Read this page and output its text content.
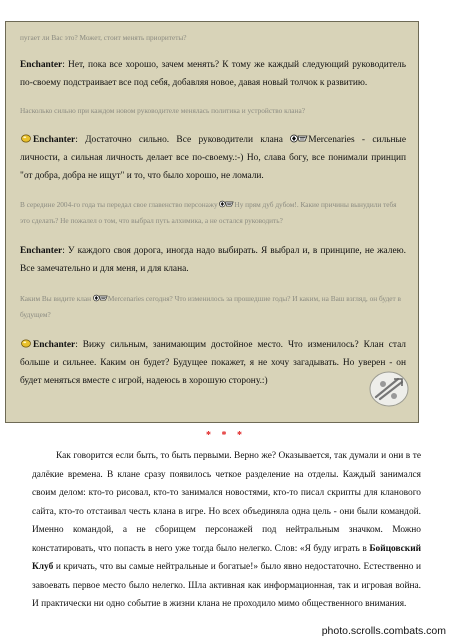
пугает ли Вас это? Может, стоит менять приоритеты?

Enchanter: Нет, пока все хорошо, зачем менять? К тому же каждый следующий руководитель по-своему подстраивает все под себя, добавляя новое, давая новый толчок к развитию.

Насколько сильно при каждом новом руководителе менялась политика и устройство клана?

Enchanter: Достаточно сильно. Все руководители клана Mercenaries - сильные личности, а сильная личность делает все по-своему.:-) Но, слава богу, все понимали принцип "от добра, добра не ищут" и то, что было хорошо, не ломали.

В середине 2004-го года ты передал свое главенство персонажу Ну прям дуб дубом!. Какие причины вынудили тебя это сделать? Не пожалел о том, что выбрал путь алхимика, а не остался руководить?

Enchanter: У каждого своя дорога, иногда надо выбирать. Я выбрал и, в принципе, не жалею. Все замечательно и для меня, и для клана.

Каким Вы видите клан Mercenaries сегодня? Что изменилось за прошедшие годы? И каким, на Ваш взгляд, он будет в будущем?

Enchanter: Вижу сильным, занимающим достойное место. Что изменилось? Клан стал больше и сильнее. Каким он будет? Будущее покажет, я не хочу загадывать. Но уверен - он будет меняться вместе с игрой, надеюсь в хорошую сторону.:)

* * *

Как говорится если быть, то быть первыми. Верно же? Оказывается, так думали и они в те далёкие времена. В клане сразу появилось четкое разделение на отделы. Каждый занимался своим делом: кто-то рисовал, кто-то занимался новостями, кто-то писал скрипты для кланового сайта, кто-то отстаивал честь клана в игре. Но всех объединяла одна цель - они были командой. Именно командой, а не сборищем персонажей под нейтральным значком. Можно констатировать, что попасть в него уже тогда было нелегко. Слов: «Я буду играть в Бойцовский Клуб и кричать, что вы самые нейтральные и богатые!» было явно недостаточно. Естественно и завоевать первое место было нелегко. Шла активная как информационная, так и игровая война. И практически ни одно событие в жизни клана не проходило мимо общественного внимания.

photo.scrolls.combats.com
